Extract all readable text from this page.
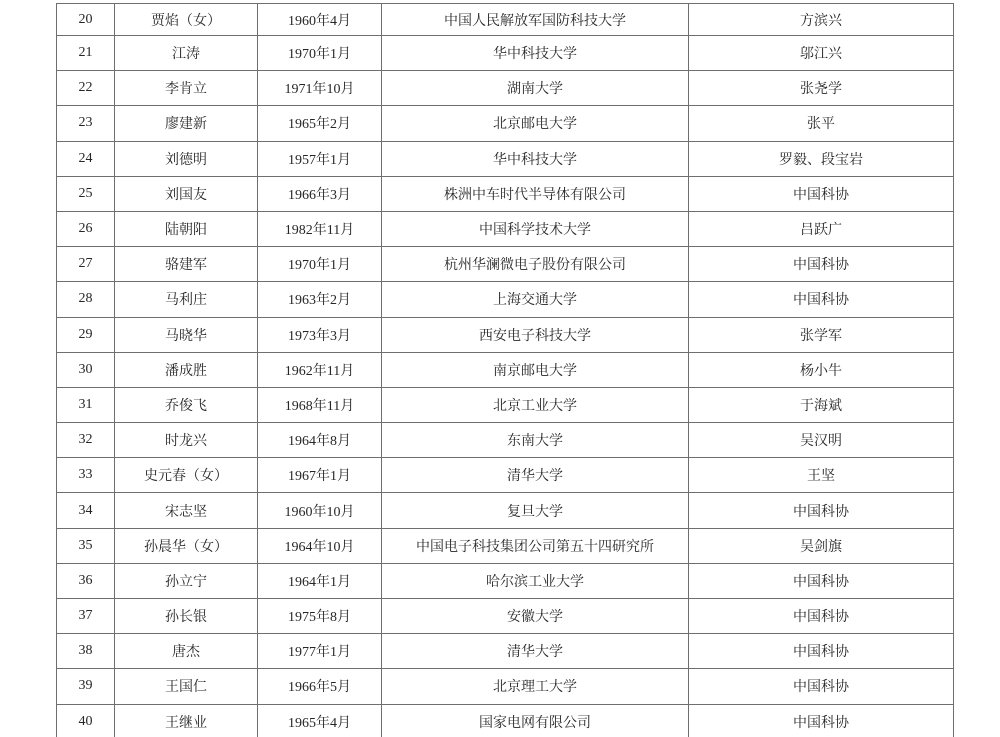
20	贾焰（女）	1960年4月	中国人民解放军国防科技大学	方滨兴
21	江涛	1970年1月	华中科技大学	邬江兴
22	李肯立	1971年10月	湖南大学	张尧学
23	廖建新	1965年2月	北京邮电大学	张平
24	刘德明	1957年1月	华中科技大学	罗毅、段宝岩
25	刘国友	1966年3月	株洲中车时代半导体有限公司	中国科协
26	陆朝阳	1982年11月	中国科学技术大学	吕跃广
27	骆建军	1970年1月	杭州华澜微电子股份有限公司	中国科协
28	马利庄	1963年2月	上海交通大学	中国科协
29	马晓华	1973年3月	西安电子科技大学	张学军
30	潘成胜	1962年11月	南京邮电大学	杨小牛
31	乔俊飞	1968年11月	北京工业大学	于海斌
32	时龙兴	1964年8月	东南大学	吴汉明
33	史元春（女）	1967年1月	清华大学	王坚
34	宋志坚	1960年10月	复旦大学	中国科协
35	孙晨华（女）	1964年10月	中国电子科技集团公司第五十四研究所	吴剑旗
36	孙立宁	1964年1月	哈尔滨工业大学	中国科协
37	孙长银	1975年8月	安徽大学	中国科协
38	唐杰	1977年1月	清华大学	中国科协
39	王国仁	1966年5月	北京理工大学	中国科协
40	王继业	1965年4月	国家电网有限公司	中国科协
